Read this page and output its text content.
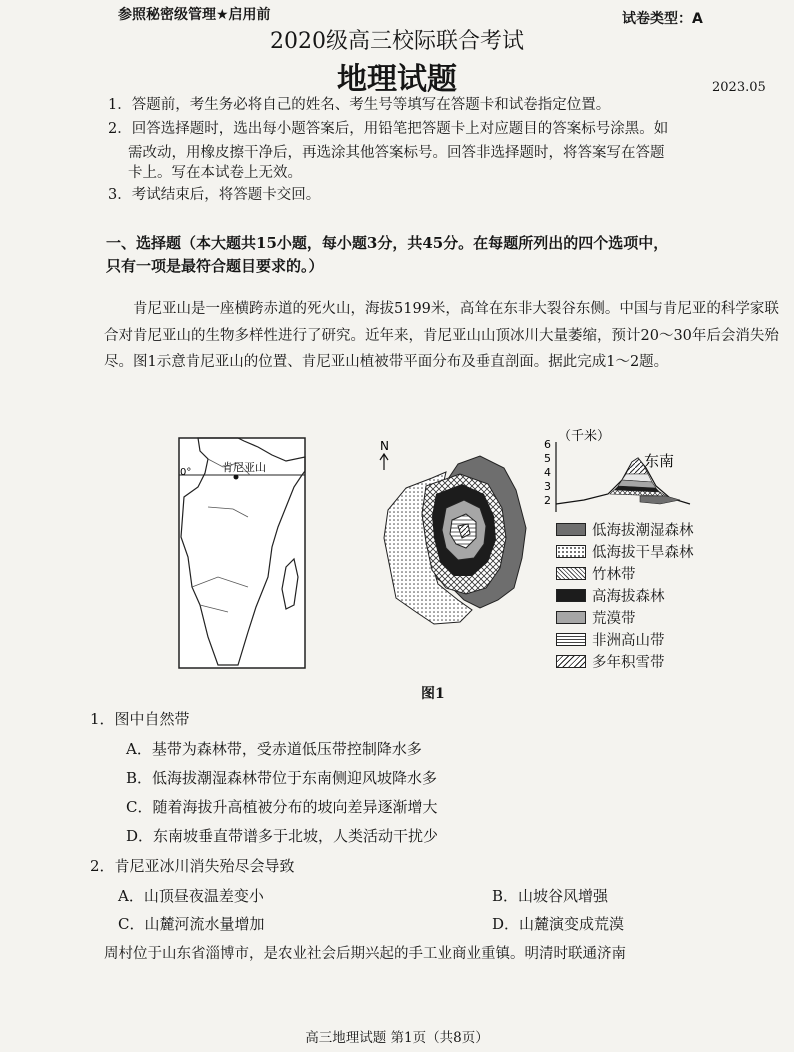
参照秘密级管理★启用前	试卷类型：A
2020级高三校际联合考试
地理试题	2023.05
1．答题前，考生务必将自己的姓名、考生号等填写在答题卡和试卷指定位置。
2．回答选择题时，选出每小题答案后，用铅笔把答题卡上对应题目的答案标号涂黑。如
需改动，用橡皮擦干净后，再选涂其他答案标号。回答非选择题时，将答案写在答题
卡上。写在本试卷上无效。
3．考试结束后，将答题卡交回。
一、选择题（本大题共15小题，每小题3分，共45分。在每题所列出的四个选项中，
只有一项是最符合题目要求的。）
肯尼亚山是一座横跨赤道的死火山，海拔5199米，高耸在东非大裂谷东侧。中国与肯尼亚的科学家联合对肯尼亚山的生物多样性进行了研究。近年来，肯尼亚山山顶冰川大量萎缩，预计20～30年后会消失殆尽。图1示意肯尼亚山的位置、肯尼亚山植被带平面分布及垂直剖面。据此完成1～2题。
0°	肯尼亚山
N
（千米）
东南
6
5
4
3
2
低海拔潮湿森林
低海拔干旱森林
竹林带
高海拔森林
荒漠带
非洲高山带
多年积雪带
图1
1．图中自然带
A．基带为森林带，受赤道低压带控制降水多
B．低海拔潮湿森林带位于东南侧迎风坡降水多
C．随着海拔升高植被分布的坡向差异逐渐增大
D．东南坡垂直带谱多于北坡，人类活动干扰少
2．肯尼亚冰川消失殆尽会导致
A．山顶昼夜温差变小	B．山坡谷风增强
C．山麓河流水量增加	D．山麓演变成荒漠
周村位于山东省淄博市，是农业社会后期兴起的手工业商业重镇。明清时联通济南
高三地理试题 第1页（共8页）
